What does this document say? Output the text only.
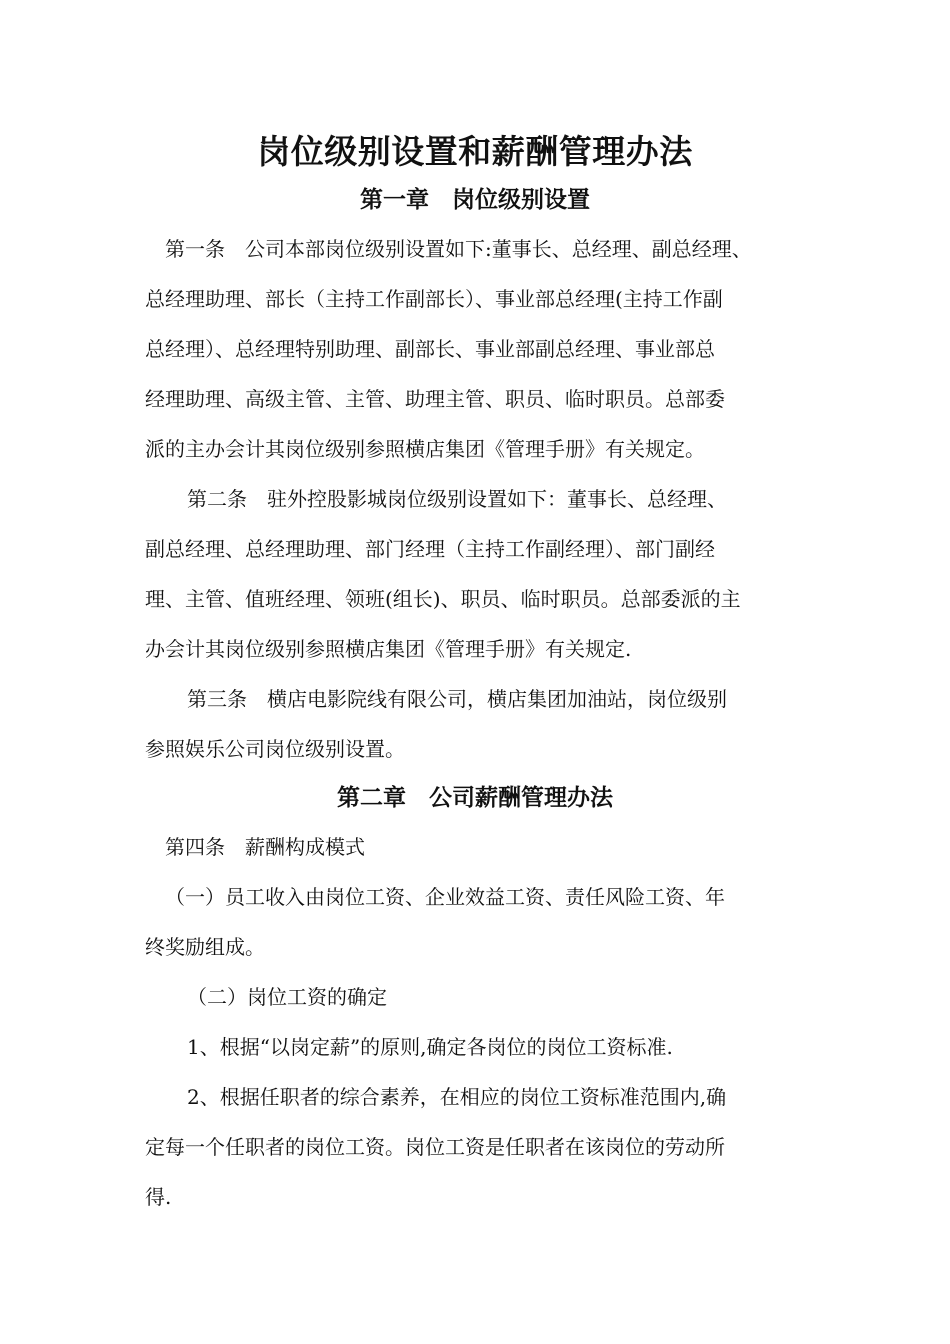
岗位级别设置和薪酬管理办法
第一章　岗位级别设置
第一条　公司本部岗位级别设置如下:董事长、总经理、副总经理、
总经理助理、部长（主持工作副部长）、事业部总经理(主持工作副
总经理）、总经理特别助理、副部长、事业部副总经理、事业部总
经理助理、高级主管、主管、助理主管、职员、临时职员。总部委
派的主办会计其岗位级别参照横店集团《管理手册》有关规定。
第二条　驻外控股影城岗位级别设置如下：董事长、总经理、
副总经理、总经理助理、部门经理（主持工作副经理）、部门副经
理、主管、值班经理、领班(组长)、职员、临时职员。总部委派的主
办会计其岗位级别参照横店集团《管理手册》有关规定.
第三条　横店电影院线有限公司，横店集团加油站，岗位级别
参照娱乐公司岗位级别设置。
第二章　公司薪酬管理办法
第四条　薪酬构成模式
（一）员工收入由岗位工资、企业效益工资、责任风险工资、年
终奖励组成。
（二）岗位工资的确定
1、根据“以岗定薪”的原则,确定各岗位的岗位工资标准.
2、根据任职者的综合素养，在相应的岗位工资标准范围内,确
定每一个任职者的岗位工资。岗位工资是任职者在该岗位的劳动所
得.
